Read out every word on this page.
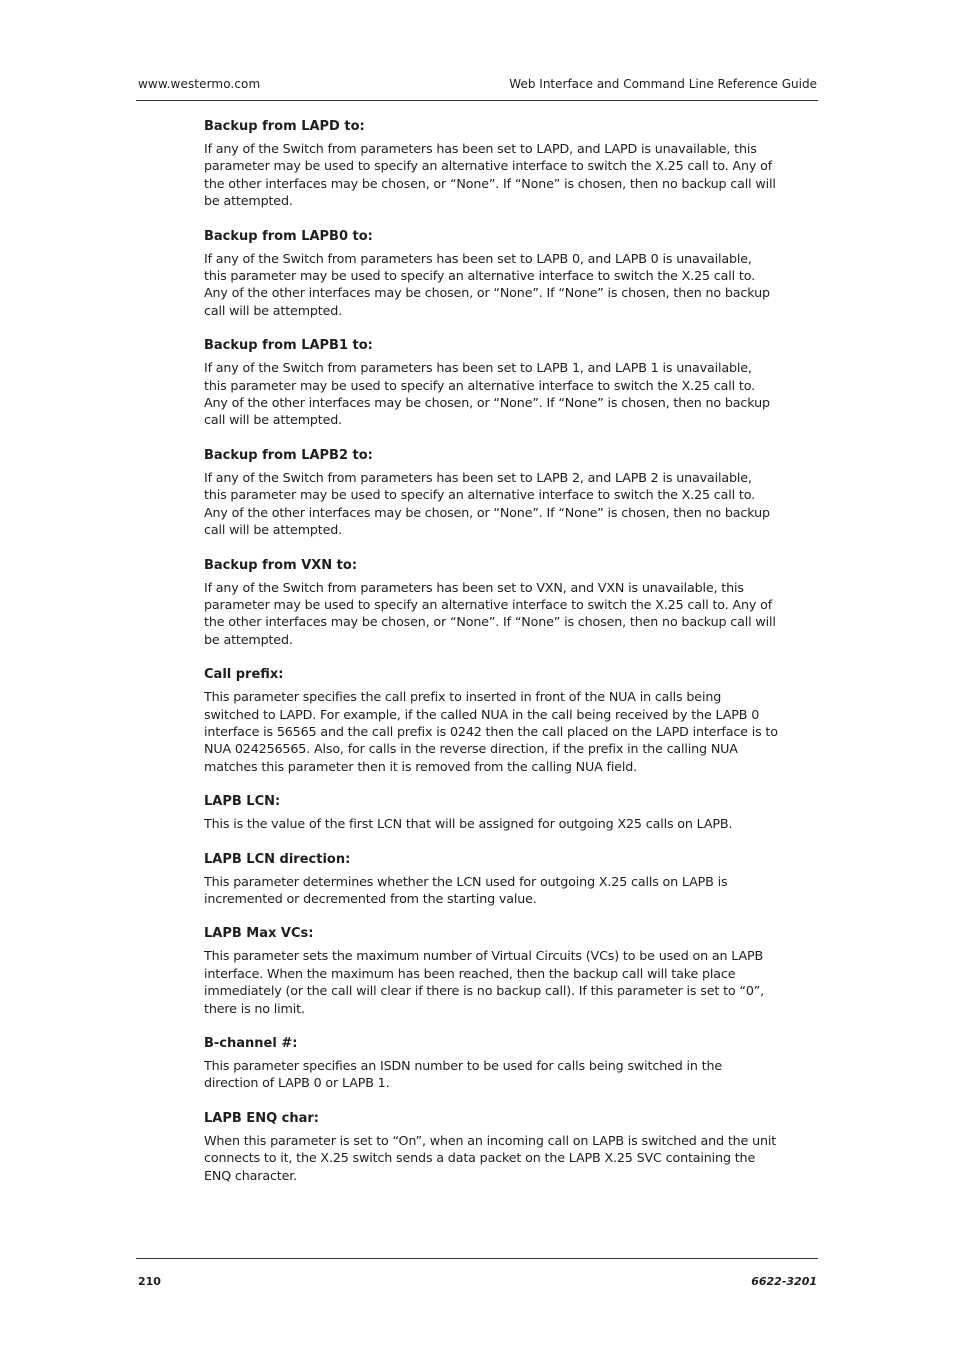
www.westermo.com	Web Interface and Command Line Reference Guide
Backup from LAPD to:

If any of the Switch from parameters has been set to LAPD, and LAPD is unavailable, this parameter may be used to specify an alternative interface to switch the X.25 call to. Any of the other interfaces may be chosen, or “None”. If “None” is chosen, then no backup call will be attempted.

Backup from LAPB0 to:

If any of the Switch from parameters has been set to LAPB 0, and LAPB 0 is unavailable, this parameter may be used to specify an alternative interface to switch the X.25 call to. Any of the other interfaces may be chosen, or “None”. If “None” is chosen, then no backup call will be attempted.

Backup from LAPB1 to:

If any of the Switch from parameters has been set to LAPB 1, and LAPB 1 is unavailable, this parameter may be used to specify an alternative interface to switch the X.25 call to. Any of the other interfaces may be chosen, or “None”. If “None” is chosen, then no backup call will be attempted.

Backup from LAPB2 to:

If any of the Switch from parameters has been set to LAPB 2, and LAPB 2 is unavailable, this parameter may be used to specify an alternative interface to switch the X.25 call to. Any of the other interfaces may be chosen, or “None”. If “None” is chosen, then no backup call will be attempted.

Backup from VXN to:

If any of the Switch from parameters has been set to VXN, and VXN is unavailable, this parameter may be used to specify an alternative interface to switch the X.25 call to. Any of the other interfaces may be chosen, or “None”. If “None” is chosen, then no backup call will be attempted.

Call prefix:

This parameter specifies the call prefix to inserted in front of the NUA in calls being switched to LAPD. For example, if the called NUA in the call being received by the LAPB 0 interface is 56565 and the call prefix is 0242 then the call placed on the LAPD interface is to NUA 024256565. Also, for calls in the reverse direction, if the prefix in the calling NUA matches this parameter then it is removed from the calling NUA field.

LAPB LCN:

This is the value of the first LCN that will be assigned for outgoing X25 calls on LAPB.

LAPB LCN direction:

This parameter determines whether the LCN used for outgoing X.25 calls on LAPB is incremented or decremented from the starting value.

LAPB Max VCs:

This parameter sets the maximum number of Virtual Circuits (VCs) to be used on an LAPB interface. When the maximum has been reached, then the backup call will take place immediately (or the call will clear if there is no backup call). If this parameter is set to “0”, there is no limit.

B-channel #:

This parameter specifies an ISDN number to be used for calls being switched in the direction of LAPB 0 or LAPB 1.

LAPB ENQ char:

When this parameter is set to “On”, when an incoming call on LAPB is switched and the unit connects to it, the X.25 switch sends a data packet on the LAPB X.25 SVC containing the ENQ character.

210	6622-3201
